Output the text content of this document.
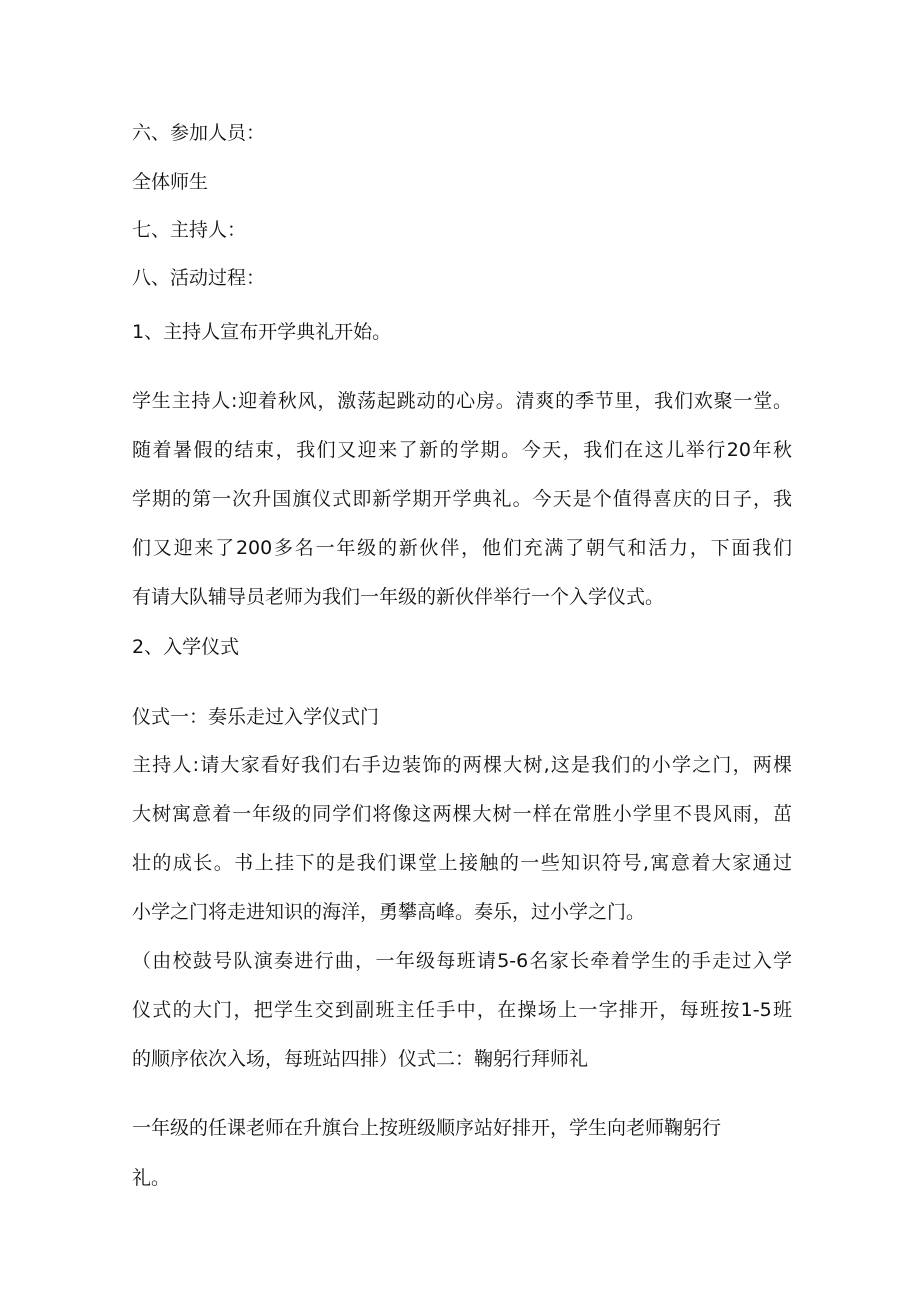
六、参加人员：

全体师生

七、主持人：

八、活动过程：

1、主持人宣布开学典礼开始。

学生主持人:迎着秋风，激荡起跳动的心房。清爽的季节里，我们欢聚一堂。

随着暑假的结束，我们又迎来了新的学期。今天，我们在这儿举行20年秋

学期的第一次升国旗仪式即新学期开学典礼。今天是个值得喜庆的日子，我

们又迎来了200多名一年级的新伙伴，他们充满了朝气和活力，下面我们

有请大队辅导员老师为我们一年级的新伙伴举行一个入学仪式。

2、入学仪式

仪式一：奏乐走过入学仪式门

主持人:请大家看好我们右手边装饰的两棵大树,这是我们的小学之门，两棵

大树寓意着一年级的同学们将像这两棵大树一样在常胜小学里不畏风雨，茁

壮的成长。书上挂下的是我们课堂上接触的一些知识符号,寓意着大家通过

小学之门将走进知识的海洋，勇攀高峰。奏乐，过小学之门。

（由校鼓号队演奏进行曲，一年级每班请5-6名家长牵着学生的手走过入学

仪式的大门，把学生交到副班主任手中，在操场上一字排开，每班按1-5班

的顺序依次入场，每班站四排）仪式二：鞠躬行拜师礼

一年级的任课老师在升旗台上按班级顺序站好排开，学生向老师鞠躬行

礼。
